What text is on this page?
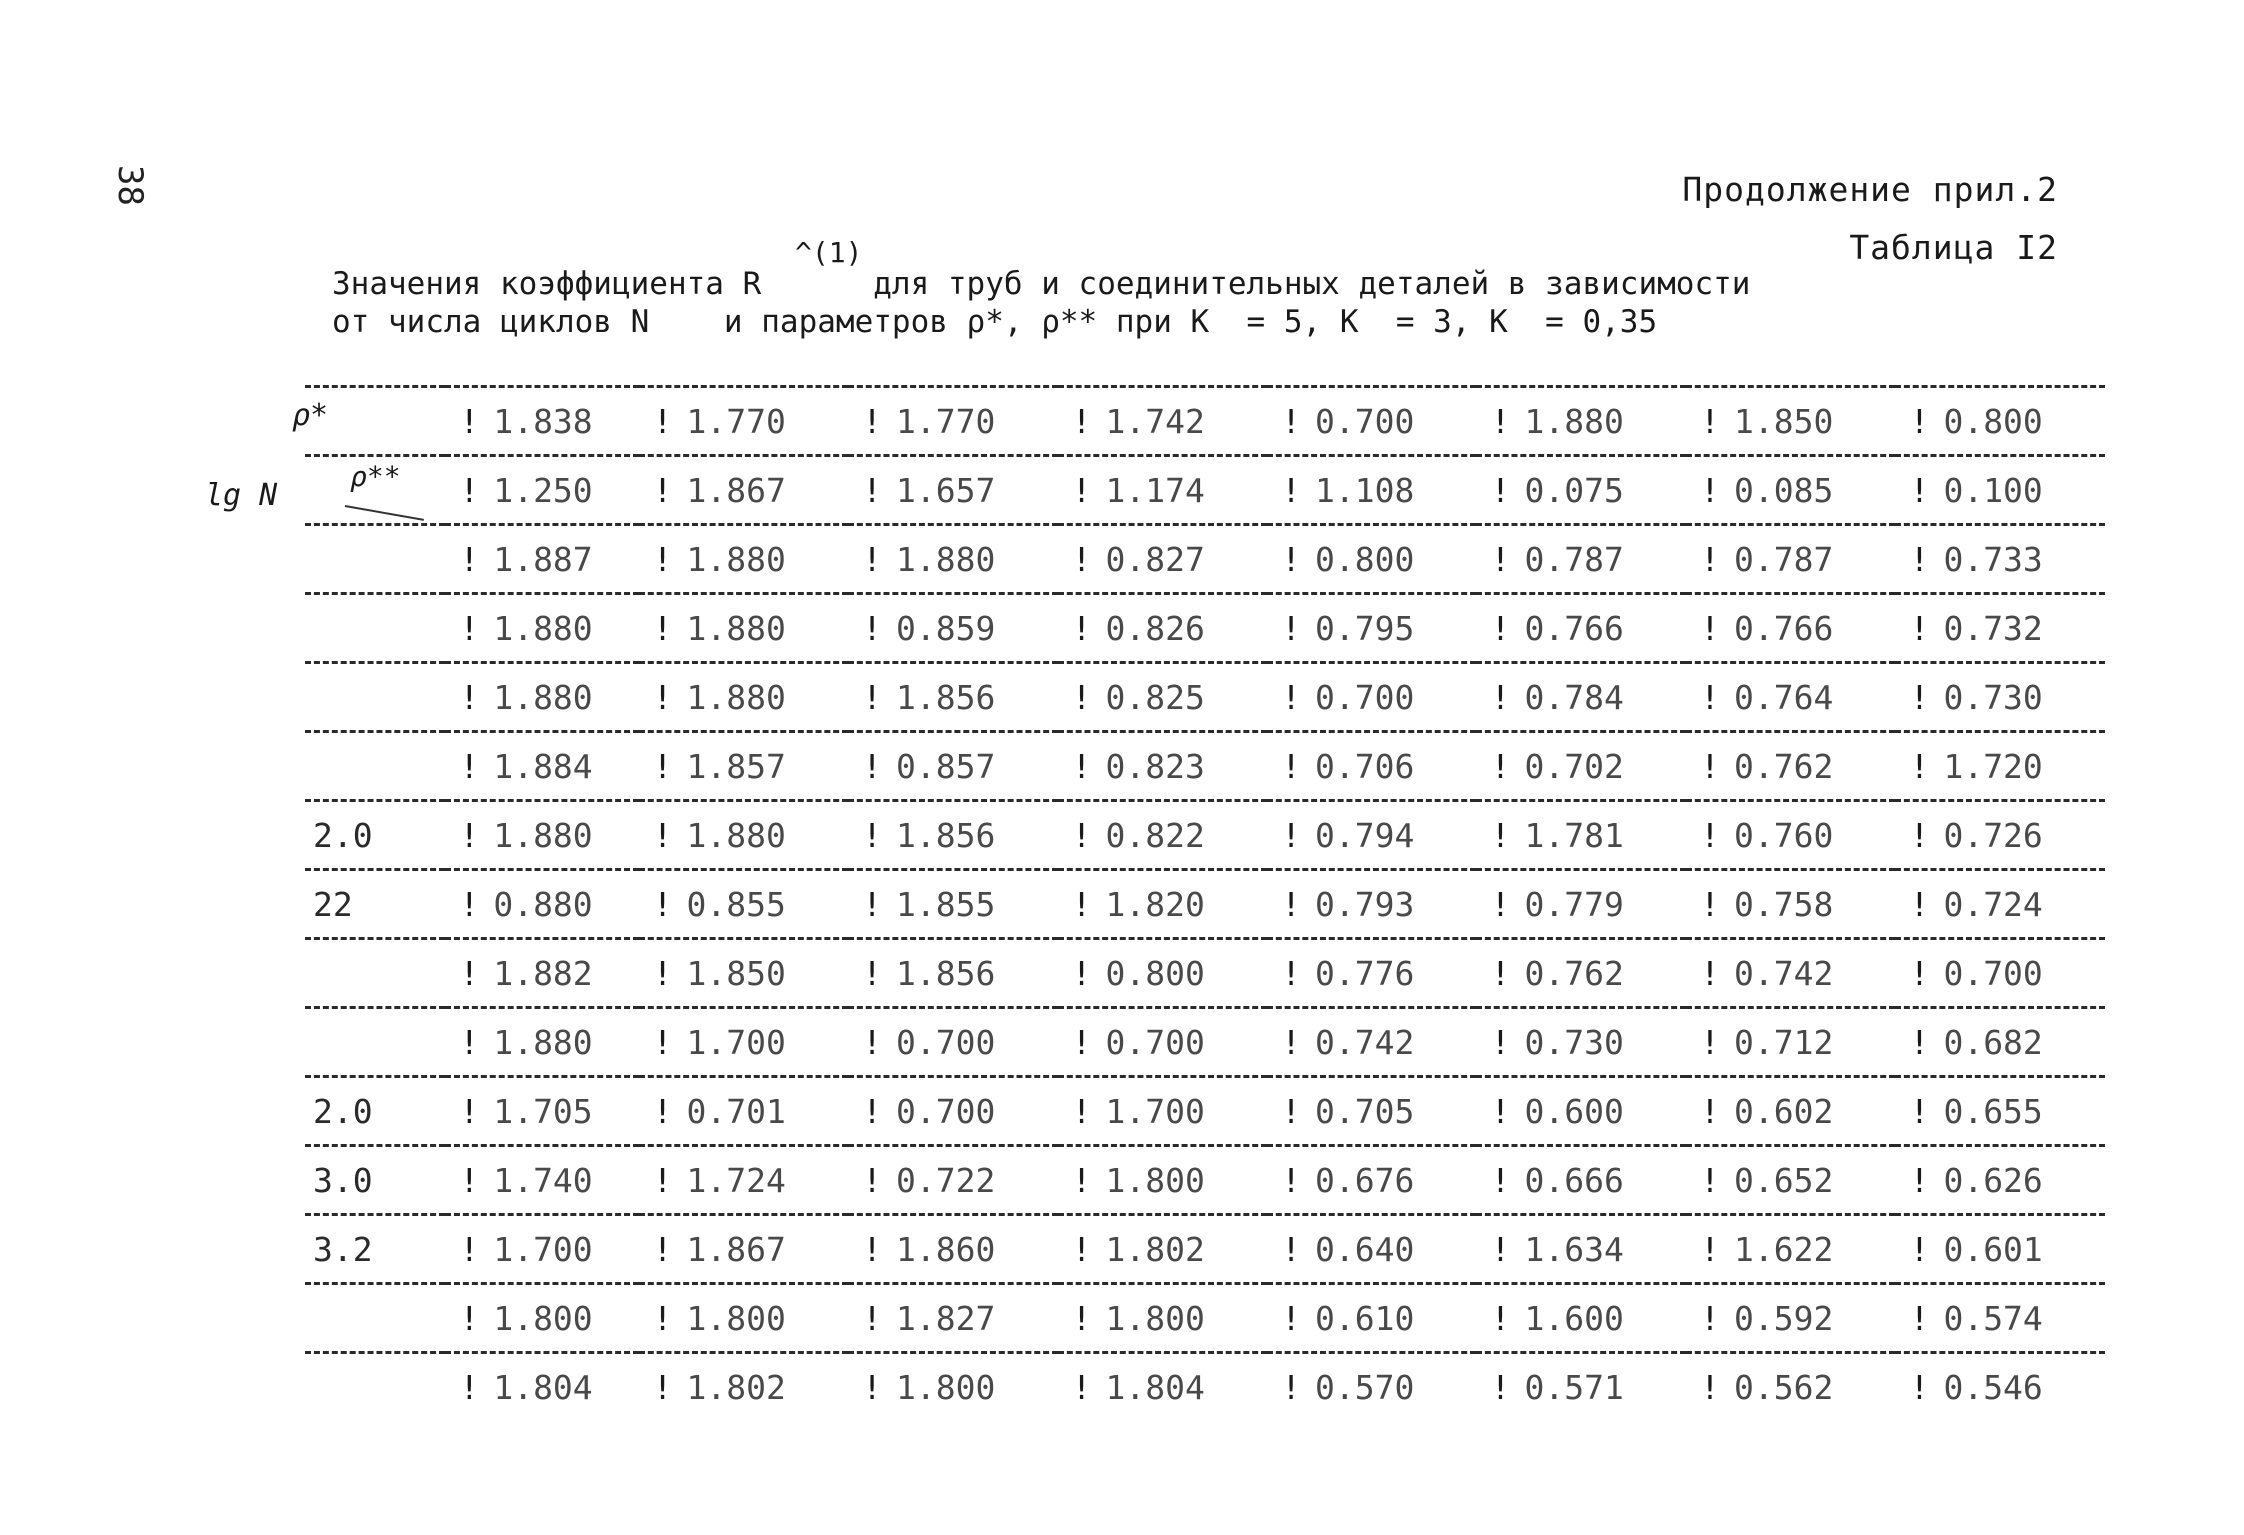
38	Продолжение прил.2
Таблица I2
^(1)
Значения коэффициента R      для труб и соединительных деталей в зависимости
от числа циклов N    и параметров ρ*, ρ** при K  = 5, K  = 3, K  = 0,35
ρ*
ρ**
lg N
	! 1.838	! 1.770	! 1.770	! 1.742	! 0.700	! 1.880	! 1.850	! 0.800
	! 1.250	! 1.867	! 1.657	! 1.174	! 1.108	! 0.075	! 0.085	! 0.100
	! 1.887	! 1.880	! 1.880	! 0.827	! 0.800	! 0.787	! 0.787	! 0.733
	! 1.880	! 1.880	! 0.859	! 0.826	! 0.795	! 0.766	! 0.766	! 0.732
	! 1.880	! 1.880	! 1.856	! 0.825	! 0.700	! 0.784	! 0.764	! 0.730
	! 1.884	! 1.857	! 0.857	! 0.823	! 0.706	! 0.702	! 0.762	! 1.720
2.0	! 1.880	! 1.880	! 1.856	! 0.822	! 0.794	! 1.781	! 0.760	! 0.726
22	! 0.880	! 0.855	! 1.855	! 1.820	! 0.793	! 0.779	! 0.758	! 0.724
	! 1.882	! 1.850	! 1.856	! 0.800	! 0.776	! 0.762	! 0.742	! 0.700
	! 1.880	! 1.700	! 0.700	! 0.700	! 0.742	! 0.730	! 0.712	! 0.682
2.0	! 1.705	! 0.701	! 0.700	! 1.700	! 0.705	! 0.600	! 0.602	! 0.655
3.0	! 1.740	! 1.724	! 0.722	! 1.800	! 0.676	! 0.666	! 0.652	! 0.626
3.2	! 1.700	! 1.867	! 1.860	! 1.802	! 0.640	! 1.634	! 1.622	! 0.601
	! 1.800	! 1.800	! 1.827	! 1.800	! 0.610	! 1.600	! 0.592	! 0.574
	! 1.804	! 1.802	! 1.800	! 1.804	! 0.570	! 0.571	! 0.562	! 0.546
